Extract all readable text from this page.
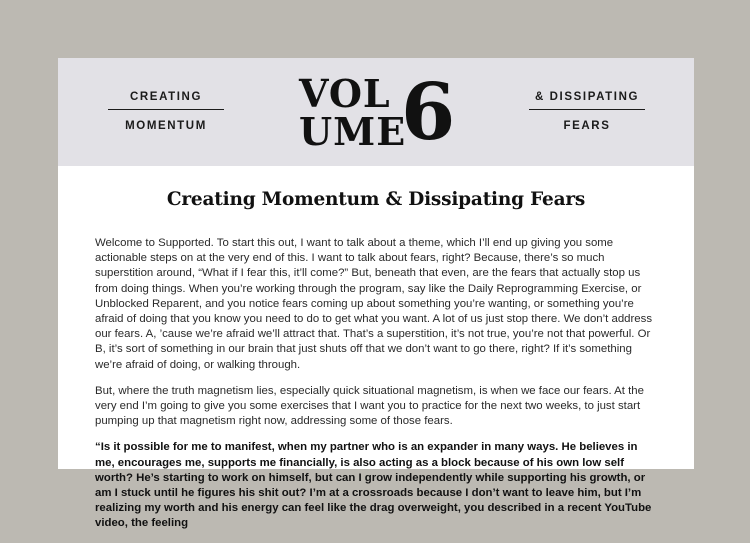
CREATING
MOMENTUM
VOL
UME
6	& DISSIPATING
FEARS
Creating Momentum & Dissipating Fears

Welcome to Supported. To start this out, I want to talk about a theme, which I’ll end up giving you some actionable steps on at the very end of this. I want to talk about fears, right? Because, there’s so much superstition around, “What if I fear this, it’ll come?” But, beneath that even, are the fears that actually stop us from doing things. When you’re working through the program, say like the Daily Reprogramming Exercise, or Unblocked Reparent, and you notice fears coming up about something you’re wanting, or something you’re afraid of doing that you know you need to do to get what you want. A lot of us just stop there. We don’t address our fears. A, ’cause we’re afraid we’ll attract that. That’s a superstition, it’s not true, you’re not that powerful. Or B, it’s sort of something in our brain that just shuts off that we don’t want to go there, right? If it’s something we’re afraid of doing, or walking through.

But, where the truth magnetism lies, especially quick situational magnetism, is when we face our fears. At the very end I’m going to give you some exercises that I want you to practice for the next two weeks, to just start pumping up that magnetism right now, addressing some of those fears.

“Is it possible for me to manifest, when my partner who is an expander in many ways. He believes in me, encourages me, supports me financially, is also acting as a block because of his own low self worth? He’s starting to work on himself, but can I grow independently while supporting his growth, or am I stuck until he figures his shit out? I’m at a crossroads because I don’t want to leave him, but I’m realizing my worth and his energy can feel like the drag overweight, you described in a recent YouTube video, the feeling
